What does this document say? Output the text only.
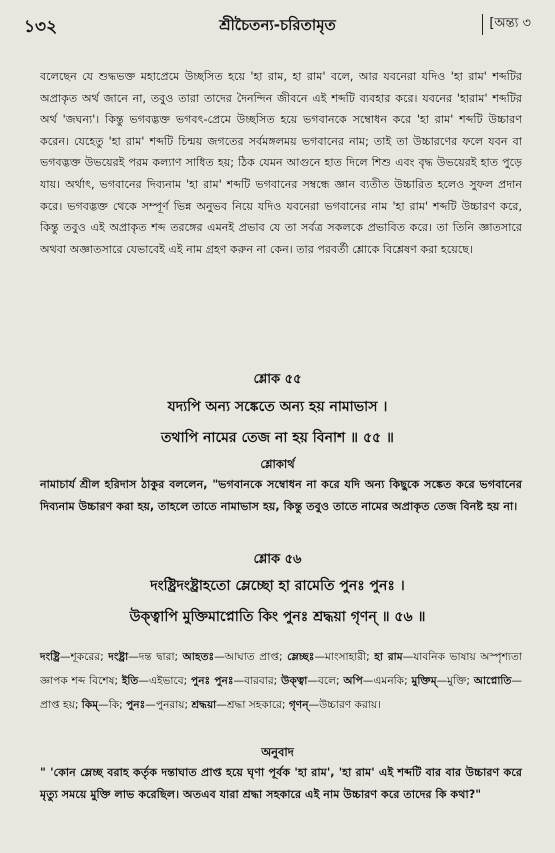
১৩২	শ্রীচৈতন্য-চরিতামৃত	[অন্ত্য ৩
বলেছেন যে শুদ্ধভক্ত মহাপ্রেমে উচ্ছসিত হয়ে 'হা রাম, হা রাম' বলে, আর যবনেরা যদিও 'হা রাম' শব্দটির অপ্রাকৃত অর্থ জানে না, তবুও তারা তাদের দৈনন্দিন জীবনে এই শব্দটি ব্যবহার করে। যবনের 'হারাম' শব্দটির অর্থ 'জঘন্য'। কিন্তু ভগবদ্ভক্ত ভগবৎ-প্রেমে উচ্ছসিত হয়ে ভগবানকে সম্বোধন করে 'হা রাম' শব্দটি উচ্চারণ করেন। যেহেতু 'হা রাম' শব্দটি চিন্ময় জগতের সর্বমঙ্গলময় ভগবানের নাম; তাই তা উচ্চারণের ফলে যবন বা ভগবদ্ভক্ত উভয়েরই পরম কল্যাণ সাধিত হয়; ঠিক যেমন আগুনে হাত দিলে শিশু এবং বৃদ্ধ উভয়েরই হাত পুড়ে যায়। অর্থাৎ, ভগবানের দিব্যনাম 'হা রাম' শব্দটি ভগবানের সম্বন্ধে জ্ঞান ব্যতীত উচ্চারিত হলেও সুফল প্রদান করে। ভগবদ্ভক্ত থেকে সম্পূর্ণ ভিন্ন অনুভব নিয়ে যদিও যবনেরা ভগবানের নাম 'হা রাম' শব্দটি উচ্চারণ করে, কিন্তু তবুও এই অপ্রাকৃত শব্দ তরঙ্গের এমনই প্রভাব যে তা সর্বত্র সকলকে প্রভাবিত করে। তা তিনি জ্ঞাতসারে অথবা অজ্ঞাতসারে যেভাবেই এই নাম গ্রহণ করুন না কেন। তার পরবর্তী শ্লোকে বিশ্লেষণ করা হয়েছে।
শ্লোক ৫৫
যদ্যপি অন্য সঙ্কেতে অন্য হয় নামাভাস ।
তথাপি নামের তেজ না হয় বিনাশ ॥ ৫৫ ॥
শ্লোকার্থ
নামাচার্য শ্রীল হরিদাস ঠাকুর বললেন, "ভগবানকে সম্বোধন না করে যদি অন্য কিছুকে সঙ্কেত করে ভগবানের দিব্যনাম উচ্চারণ করা হয়, তাহলে তাতে নামাভাস হয়, কিন্তু তবুও তাতে নামের অপ্রাকৃত তেজ বিনষ্ট হয় না।
শ্লোক ৫৬
দংষ্ট্রিদংষ্ট্রাহতো ম্লেচ্ছো হা রামেতি পুনঃ পুনঃ ।
উক্ত্বাপি মুক্তিমাপ্নোতি কিং পুনঃ শ্রদ্ধয়া গৃণন্ ॥ ৫৬ ॥
দংষ্ট্রি—শূকরের; দংষ্ট্রা—দন্ত দ্বারা; আহতঃ—আঘাত প্রাপ্ত; ম্লেচ্ছঃ—মাংসাহারী; হা রাম—যাবনিক ভাষায় অস্পৃশ্যতা জ্ঞাপক শব্দ বিশেষ; ইতি—এইভাবে; পুনঃ পুনঃ—বারবার; উক্ত্বা—বলে; অপি—এমনকি; মুক্তিম্—মুক্তি; আপ্নোতি—প্রাপ্ত হয়; কিম্—কি; পুনঃ—পুনরায়; শ্রদ্ধয়া—শ্রদ্ধা সহকারে; গৃণন্—উচ্চারণ করায়।
অনুবাদ
" 'কোন ম্লেচ্ছ বরাহ কর্তৃক দন্তাঘাত প্রাপ্ত হয়ে ঘৃণা পূর্বক 'হা রাম', 'হা রাম' এই শব্দটি বার বার উচ্চারণ করে মৃত্যু সময়ে মুক্তি লাভ করেছিল। অতএব যারা শ্রদ্ধা সহকারে এই নাম উচ্চারণ করে তাদের কি কথা?"
